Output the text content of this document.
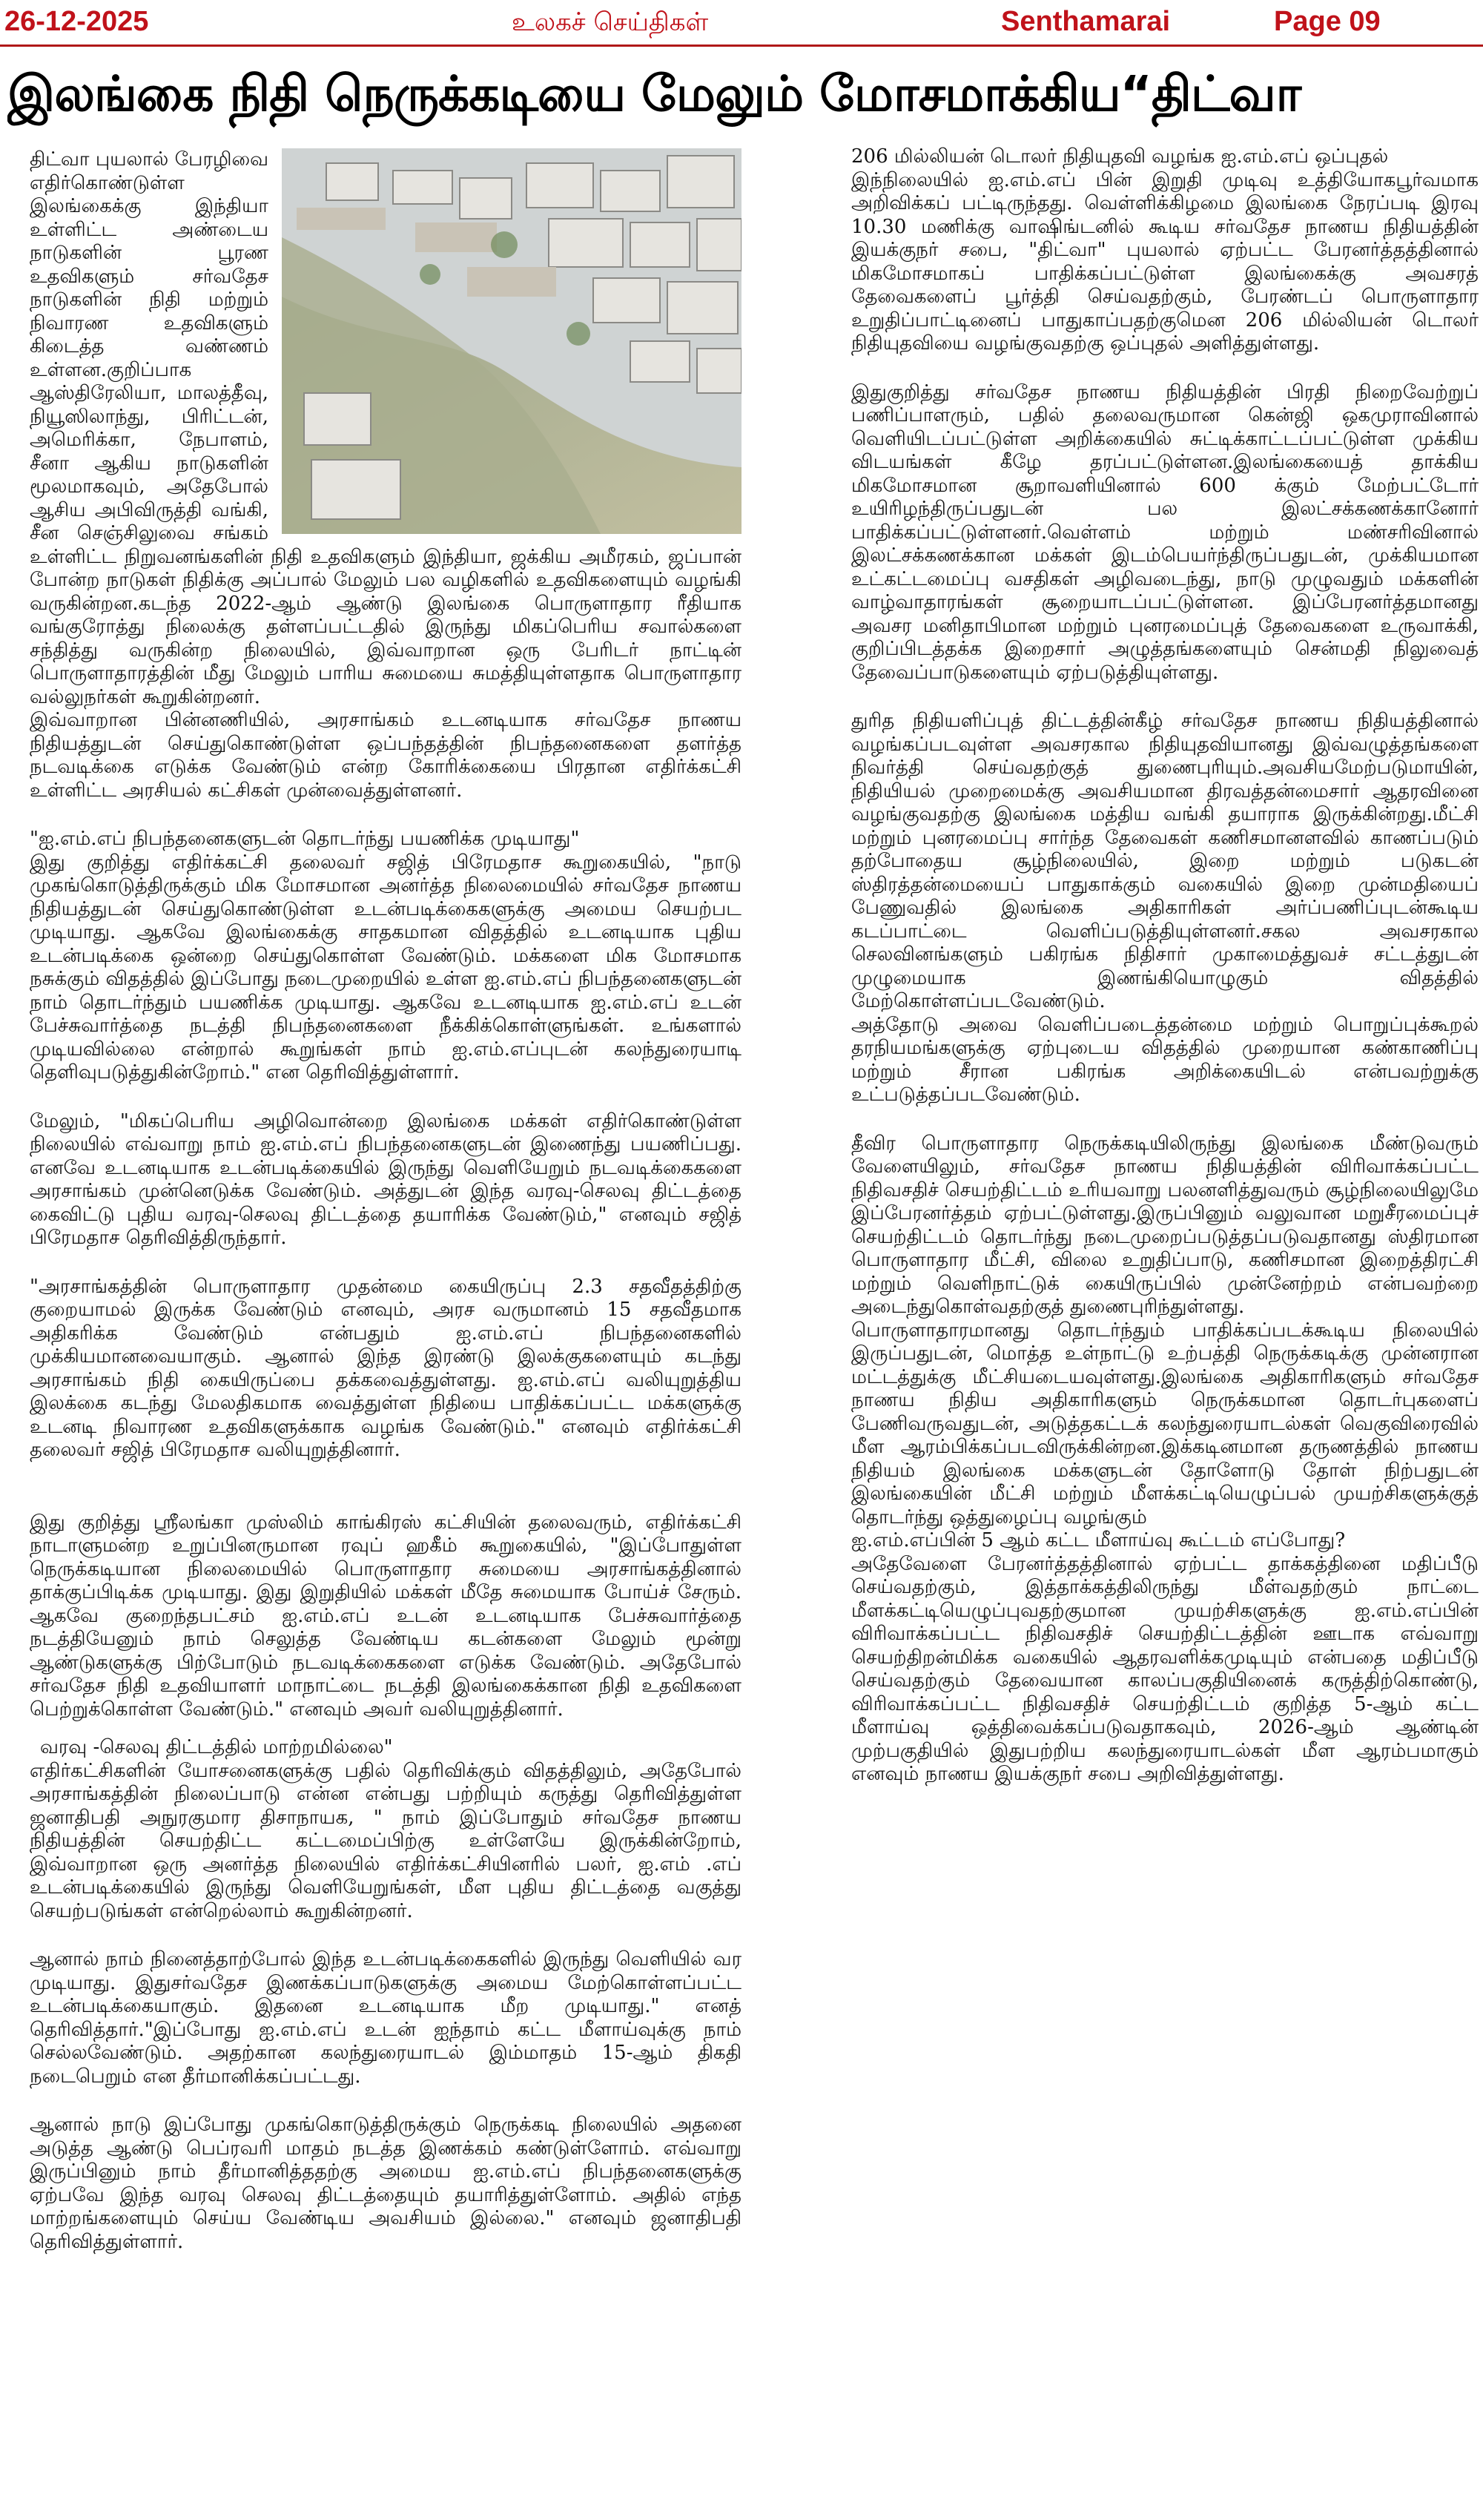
26-12-2025	உலகச் செய்திகள்	Senthamarai	Page 09
இலங்கை நிதி நெருக்கடியை மேலும் மோசமாக்கிய“திட்வா

திட்வா புயலால் பேரழிவை எதிர்கொண்டுள்ள இலங்கைக்கு இந்தியா உள்ளிட்ட அண்டைய நாடுகளின் பூரண உதவிகளும் சர்வதேச நாடுகளின் நிதி மற்றும் நிவாரண உதவிகளும் கிடைத்த வண்ணம் உள்ளன.குறிப்பாக ஆஸ்திரேலியா, மாலத்தீவு, நியூஸிலாந்து, பிரிட்டன், அமெரிக்கா, நேபாளம், சீனா ஆகிய நாடுகளின் மூலமாகவும், அதேபோல் ஆசிய அபிவிருத்தி வங்கி, சீன செஞ்சிலுவை சங்கம் உள்ளிட்ட நிறுவனங்களின் நிதி உதவிகளும் இந்தியா, ஜக்கிய அமீரகம், ஜப்பான் போன்ற நாடுகள் நிதிக்கு அப்பால் மேலும் பல வழிகளில் உதவிகளையும் வழங்கி வருகின்றன.கடந்த 2022-ஆம் ஆண்டு இலங்கை பொருளாதார ரீதியாக வங்குரோத்து நிலைக்கு தள்ளப்பட்டதில் இருந்து மிகப்பெரிய சவால்களை சந்தித்து வருகின்ற நிலையில், இவ்வாறான ஒரு பேரிடர் நாட்டின் பொருளாதாரத்தின் மீது மேலும் பாரிய சுமையை சுமத்தியுள்ளதாக பொருளாதார வல்லுநர்கள் கூறுகின்றனர்.

இவ்வாறான பின்னணியில், அரசாங்கம் உடனடியாக சர்வதேச நாணய நிதியத்துடன் செய்துகொண்டுள்ள ஒப்பந்தத்தின் நிபந்தனைகளை தளர்த்த நடவடிக்கை எடுக்க வேண்டும் என்ற கோரிக்கையை பிரதான எதிர்க்கட்சி உள்ளிட்ட அரசியல் கட்சிகள் முன்வைத்துள்ளனர்.

"ஐ.எம்.எப் நிபந்தனைகளுடன் தொடர்ந்து பயணிக்க முடியாது"

இது குறித்து எதிர்க்கட்சி தலைவர் சஜித் பிரேமதாச கூறுகையில், "நாடு முகங்கொடுத்திருக்கும் மிக மோசமான அனர்த்த நிலைமையில் சர்வதேச நாணய நிதியத்துடன் செய்துகொண்டுள்ள உடன்படிக்கைகளுக்கு அமைய செயற்பட முடியாது. ஆகவே இலங்கைக்கு சாதகமான விதத்தில் உடனடியாக புதிய உடன்படிக்கை ஒன்றை செய்துகொள்ள வேண்டும். மக்களை மிக மோசமாக நசுக்கும் விதத்தில் இப்போது நடைமுறையில் உள்ள ஐ.எம்.எப் நிபந்தனைகளுடன் நாம் தொடர்ந்தும் பயணிக்க முடியாது. ஆகவே உடனடியாக ஐ.எம்.எப் உடன் பேச்சுவார்த்தை நடத்தி நிபந்தனைகளை நீக்கிக்கொள்ளுங்கள். உங்களால் முடியவில்லை என்றால் கூறுங்கள் நாம் ஐ.எம்.எப்புடன் கலந்துரையாடி தெளிவுபடுத்துகின்றோம்." என தெரிவித்துள்ளார்.

மேலும், "மிகப்பெரிய அழிவொன்றை இலங்கை மக்கள் எதிர்கொண்டுள்ள நிலையில் எவ்வாறு நாம் ஐ.எம்.எப் நிபந்தனைகளுடன் இணைந்து பயணிப்பது. எனவே உடனடியாக உடன்படிக்கையில் இருந்து வெளியேறும் நடவடிக்கைகளை அரசாங்கம் முன்னெடுக்க வேண்டும். அத்துடன் இந்த வரவு-செலவு திட்டத்தை கைவிட்டு புதிய வரவு-செலவு திட்டத்தை தயாரிக்க வேண்டும்," எனவும் சஜித் பிரேமதாச தெரிவித்திருந்தார்.

"அரசாங்கத்தின் பொருளாதார முதன்மை கையிருப்பு 2.3 சதவீதத்திற்கு குறையாமல் இருக்க வேண்டும் எனவும், அரச வருமானம் 15 சதவீதமாக அதிகரிக்க வேண்டும் என்பதும் ஐ.எம்.எப் நிபந்தனைகளில் முக்கியமானவையாகும். ஆனால் இந்த இரண்டு இலக்குகளையும் கடந்து அரசாங்கம் நிதி கையிருப்பை தக்கவைத்துள்ளது. ஐ.எம்.எப் வலியுறுத்திய இலக்கை கடந்து மேலதிகமாக வைத்துள்ள நிதியை பாதிக்கப்பட்ட மக்களுக்கு உடனடி நிவாரண உதவிகளுக்காக வழங்க வேண்டும்." எனவும் எதிர்க்கட்சி தலைவர் சஜித் பிரேமதாச வலியுறுத்தினார்.

இது குறித்து ஸ்ரீலங்கா முஸ்லிம் காங்கிரஸ் கட்சியின் தலைவரும், எதிர்க்கட்சி நாடாளுமன்ற உறுப்பினருமான ரவுப் ஹகீம் கூறுகையில், "இப்போதுள்ள நெருக்கடியான நிலைமையில் பொருளாதார சுமையை அரசாங்கத்தினால் தாக்குப்பிடிக்க முடியாது. இது இறுதியில் மக்கள் மீதே சுமையாக போய்ச் சேரும். ஆகவே குறைந்தபட்சம் ஐ.எம்.எப் உடன் உடனடியாக பேச்சுவார்த்தை நடத்தியேனும் நாம் செலுத்த வேண்டிய கடன்களை மேலும் மூன்று ஆண்டுகளுக்கு பிற்போடும் நடவடிக்கைகளை எடுக்க வேண்டும். அதேபோல் சர்வதேச நிதி உதவியாளர் மாநாட்டை நடத்தி இலங்கைக்கான நிதி உதவிகளை பெற்றுக்கொள்ள வேண்டும்." எனவும் அவர் வலியுறுத்தினார்.

வரவு -செலவு திட்டத்தில் மாற்றமில்லை"

எதிர்கட்சிகளின் யோசனைகளுக்கு பதில் தெரிவிக்கும் விதத்திலும், அதேபோல் அரசாங்கத்தின் நிலைப்பாடு என்ன என்பது பற்றியும் கருத்து தெரிவித்துள்ள ஜனாதிபதி அநுரகுமார திசாநாயக, " நாம் இப்போதும் சர்வதேச நாணய நிதியத்தின் செயற்திட்ட கட்டமைப்பிற்கு உள்ளேயே இருக்கின்றோம், இவ்வாறான ஒரு அனர்த்த நிலையில் எதிர்க்கட்சியினரில் பலர், ஐ.எம் .எப் உடன்படிக்கையில் இருந்து வெளியேறுங்கள், மீள புதிய திட்டத்தை வகுத்து செயற்படுங்கள் என்றெல்லாம் கூறுகின்றனர்.

ஆனால் நாம் நினைத்தாற்போல் இந்த உடன்படிக்கைகளில் இருந்து வெளியில் வர முடியாது. இதுசர்வதேச இணக்கப்பாடுகளுக்கு அமைய மேற்கொள்ளப்பட்ட உடன்படிக்கையாகும். இதனை உடனடியாக மீற முடியாது." எனத் தெரிவித்தார்."இப்போது ஐ.எம்.எப் உடன் ஐந்தாம் கட்ட மீளாய்வுக்கு நாம் செல்லவேண்டும். அதற்கான கலந்துரையாடல் இம்மாதம் 15-ஆம் திகதி நடைபெறும் என தீர்மானிக்கப்பட்டது.

ஆனால் நாடு இப்போது முகங்கொடுத்திருக்கும் நெருக்கடி நிலையில் அதனை அடுத்த ஆண்டு பெப்ரவரி மாதம் நடத்த இணக்கம் கண்டுள்ளோம். எவ்வாறு இருப்பினும் நாம் தீர்மானித்ததற்கு அமைய ஐ.எம்.எப் நிபந்தனைகளுக்கு ஏற்பவே இந்த வரவு செலவு திட்டத்தையும் தயாரித்துள்ளோம். அதில் எந்த மாற்றங்களையும் செய்ய வேண்டிய அவசியம் இல்லை." எனவும் ஜனாதிபதி தெரிவித்துள்ளார்.

206 மில்லியன் டொலர் நிதியுதவி வழங்க ஐ.எம்.எப் ஒப்புதல்

இந்நிலையில் ஐ.எம்.எப் பின் இறுதி முடிவு உத்தியோகபூர்வமாக அறிவிக்கப் பட்டிருந்தது. வெள்ளிக்கிழமை இலங்கை நேரப்படி இரவு 10.30 மணிக்கு வாஷிங்டனில் கூடிய சர்வதேச நாணய நிதியத்தின் இயக்குநர் சபை, "திட்வா" புயலால் ஏற்பட்ட பேரனர்த்தத்தினால் மிகமோசமாகப் பாதிக்கப்பட்டுள்ள இலங்கைக்கு அவசரத் தேவைகளைப் பூர்த்தி செய்வதற்கும், பேரண்டப் பொருளாதார உறுதிப்பாட்டினைப் பாதுகாப்பதற்குமென 206 மில்லியன் டொலர் நிதியுதவியை வழங்குவதற்கு ஒப்புதல் அளித்துள்ளது.

இதுகுறித்து சர்வதேச நாணய நிதியத்தின் பிரதி நிறைவேற்றுப் பணிப்பாளரும், பதில் தலைவருமான கென்ஜி ஒகமுராவினால் வெளியிடப்பட்டுள்ள அறிக்கையில் சுட்டிக்காட்டப்பட்டுள்ள முக்கிய விடயங்கள் கீழே தரப்பட்டுள்ளன.இலங்கையைத் தாக்கிய மிகமோசமான சூறாவளியினால் 600 க்கும் மேற்பட்டோர் உயிரிழந்திருப்பதுடன் பல இலட்சக்கணக்கானோர் பாதிக்கப்பட்டுள்ளனர்.வெள்ளம் மற்றும் மண்சரிவினால் இலட்சக்கணக்கான மக்கள் இடம்பெயர்ந்திருப்பதுடன், முக்கியமான உட்கட்டமைப்பு வசதிகள் அழிவடைந்து, நாடு முழுவதும் மக்களின் வாழ்வாதாரங்கள் சூறையாடப்பட்டுள்ளன. இப்பேரனர்த்தமானது அவசர மனிதாபிமான மற்றும் புனரமைப்புத் தேவைகளை உருவாக்கி, குறிப்பிடத்தக்க இறைசார் அழுத்தங்களையும் சென்மதி நிலுவைத் தேவைப்பாடுகளையும் ஏற்படுத்தியுள்ளது.

துரித நிதியளிப்புத் திட்டத்தின்கீழ் சர்வதேச நாணய நிதியத்தினால் வழங்கப்படவுள்ள அவசரகால நிதியுதவியானது இவ்வழுத்தங்களை நிவர்த்தி செய்வதற்குத் துணைபுரியும்.அவசியமேற்படுமாயின், நிதியியல் முறைமைக்கு அவசியமான திரவத்தன்மைசார் ஆதரவினை வழங்குவதற்கு இலங்கை மத்திய வங்கி தயாராக இருக்கின்றது.மீட்சி மற்றும் புனரமைப்பு சார்ந்த தேவைகள் கணிசமானளவில் காணப்படும் தற்போதைய சூழ்நிலையில், இறை மற்றும் படுகடன் ஸ்திரத்தன்மையைப் பாதுகாக்கும் வகையில் இறை முன்மதியைப் பேணுவதில் இலங்கை அதிகாரிகள் அர்ப்பணிப்புடன்கூடிய கடப்பாட்டை வெளிப்படுத்தியுள்ளனர்.சகல அவசரகால செலவினங்களும் பகிரங்க நிதிசார் முகாமைத்துவச் சட்டத்துடன் முழுமையாக இணங்கியொழுகும் விதத்தில் மேற்கொள்ளப்படவேண்டும்.

அத்தோடு அவை வெளிப்படைத்தன்மை மற்றும் பொறுப்புக்கூறல் தரநியமங்களுக்கு ஏற்புடைய விதத்தில் முறையான கண்காணிப்பு மற்றும் சீரான பகிரங்க அறிக்கையிடல் என்பவற்றுக்கு உட்படுத்தப்படவேண்டும்.

தீவிர பொருளாதார நெருக்கடியிலிருந்து இலங்கை மீண்டுவரும் வேளையிலும், சர்வதேச நாணய நிதியத்தின் விரிவாக்கப்பட்ட நிதிவசதிச் செயற்திட்டம் உரியவாறு பலனளித்துவரும் சூழ்நிலையிலுமே இப்பேரனர்த்தம் ஏற்பட்டுள்ளது.இருப்பினும் வலுவான மறுசீரமைப்புச் செயற்திட்டம் தொடர்ந்து நடைமுறைப்படுத்தப்படுவதானது ஸ்திரமான பொருளாதார மீட்சி, விலை உறுதிப்பாடு, கணிசமான இறைத்திரட்சி மற்றும் வெளிநாட்டுக் கையிருப்பில் முன்னேற்றம் என்பவற்றை அடைந்துகொள்வதற்குத் துணைபுரிந்துள்ளது.

பொருளாதாரமானது தொடர்ந்தும் பாதிக்கப்படக்கூடிய நிலையில் இருப்பதுடன், மொத்த உள்நாட்டு உற்பத்தி நெருக்கடிக்கு முன்னரான மட்டத்துக்கு மீட்சியடையவுள்ளது.இலங்கை அதிகாரிகளும் சர்வதேச நாணய நிதிய அதிகாரிகளும் நெருக்கமான தொடர்புகளைப் பேணிவருவதுடன், அடுத்தகட்டக் கலந்துரையாடல்கள் வெகுவிரைவில் மீள ஆரம்பிக்கப்படவிருக்கின்றன.இக்கடினமான தருணத்தில் நாணய நிதியம் இலங்கை மக்களுடன் தோளோடு தோள் நிற்பதுடன் இலங்கையின் மீட்சி மற்றும் மீளக்கட்டியெழுப்பல் முயற்சிகளுக்குத் தொடர்ந்து ஒத்துழைப்பு வழங்கும்

ஐ.எம்.எப்பின் 5 ஆம் கட்ட மீளாய்வு கூட்டம் எப்போது?

அதேவேளை பேரனர்த்தத்தினால் ஏற்பட்ட தாக்கத்தினை மதிப்பீடு செய்வதற்கும், இத்தாக்கத்திலிருந்து மீள்வதற்கும் நாட்டை மீளக்கட்டியெழுப்புவதற்குமான முயற்சிகளுக்கு ஐ.எம்.எப்பின் விரிவாக்கப்பட்ட நிதிவசதிச் செயற்திட்டத்தின் ஊடாக எவ்வாறு செயற்திறன்மிக்க வகையில் ஆதரவளிக்கமுடியும் என்பதை மதிப்பீடு செய்வதற்கும் தேவையான காலப்பகுதியினைக் கருத்திற்கொண்டு, விரிவாக்கப்பட்ட நிதிவசதிச் செயற்திட்டம் குறித்த 5-ஆம் கட்ட மீளாய்வு ஒத்திவைக்கப்படுவதாகவும், 2026-ஆம் ஆண்டின் முற்பகுதியில் இதுபற்றிய கலந்துரையாடல்கள் மீள ஆரம்பமாகும் எனவும் நாணய இயக்குநர் சபை அறிவித்துள்ளது.
